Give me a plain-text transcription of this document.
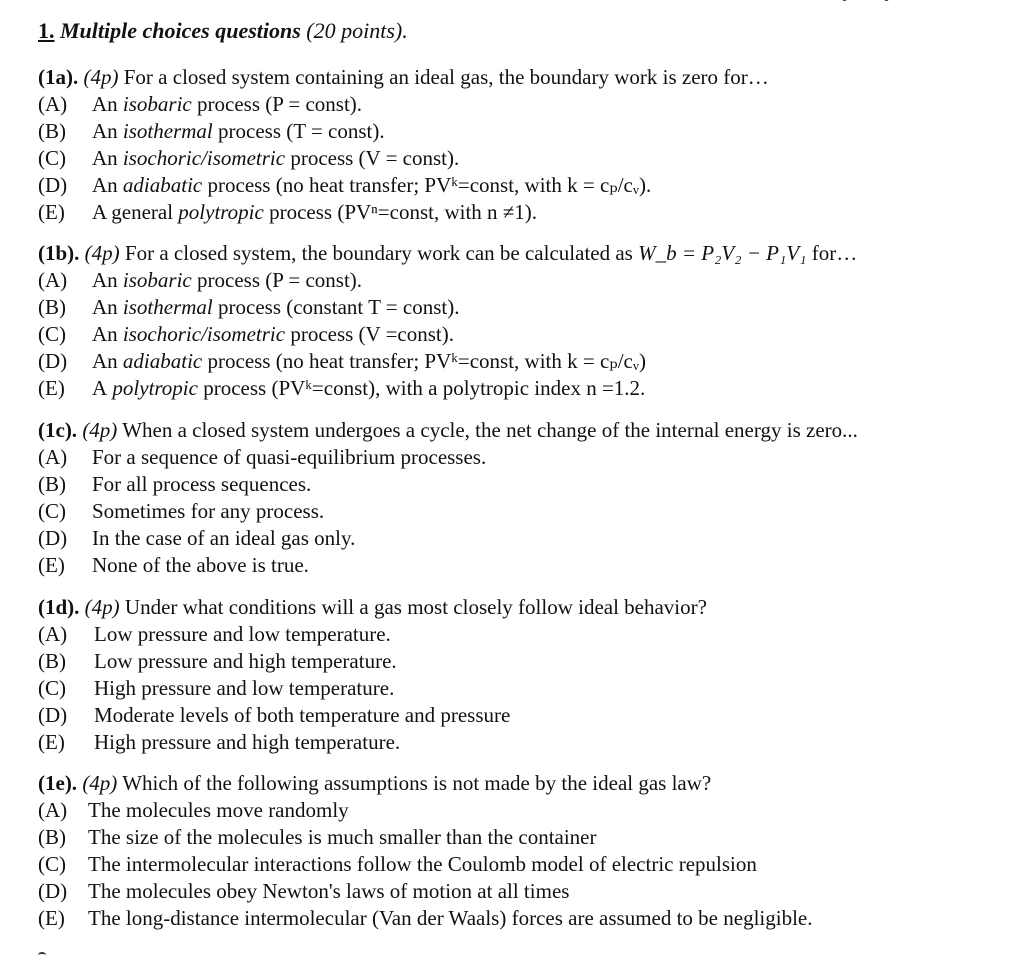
1. Multiple choices questions (20 points).
(1a). (4p) For a closed system containing an ideal gas, the boundary work is zero for…
(A)	An isobaric process (P = const).
(B)	An isothermal process (T = const).
(C)	An isochoric/isometric process (V = const).
(D)	An adiabatic process (no heat transfer; PVᵏ=const, with k = cₚ/cᵥ).
(E)	A general polytropic process (PVⁿ=const, with n ≠1).
(1b). (4p) For a closed system, the boundary work can be calculated as W_b = P₂V₂ − P₁V₁ for…
(A)	An isobaric process (P = const).
(B)	An isothermal process (constant T = const).
(C)	An isochoric/isometric process (V =const).
(D)	An adiabatic process (no heat transfer; PVᵏ=const, with k = cₚ/cᵥ)
(E)	A polytropic process (PVᵏ=const), with a polytropic index n =1.2.
(1c). (4p) When a closed system undergoes a cycle, the net change of the internal energy is zero...
(A)	For a sequence of quasi-equilibrium processes.
(B)	For all process sequences.
(C)	Sometimes for any process.
(D)	In the case of an ideal gas only.
(E)	None of the above is true.
(1d). (4p) Under what conditions will a gas most closely follow ideal behavior?
(A)	Low pressure and low temperature.
(B)	Low pressure and high temperature.
(C)	High pressure and low temperature.
(D)	Moderate levels of both temperature and pressure
(E)	High pressure and high temperature.
(1e). (4p) Which of the following assumptions is not made by the ideal gas law?
(A) The molecules move randomly
(B)	The size of the molecules is much smaller than the container
(C)	The intermolecular interactions follow the Coulomb model of electric repulsion
(D) The molecules obey Newton's laws of motion at all times
(E)	The long-distance intermolecular (Van der Waals) forces are assumed to be negligible.
